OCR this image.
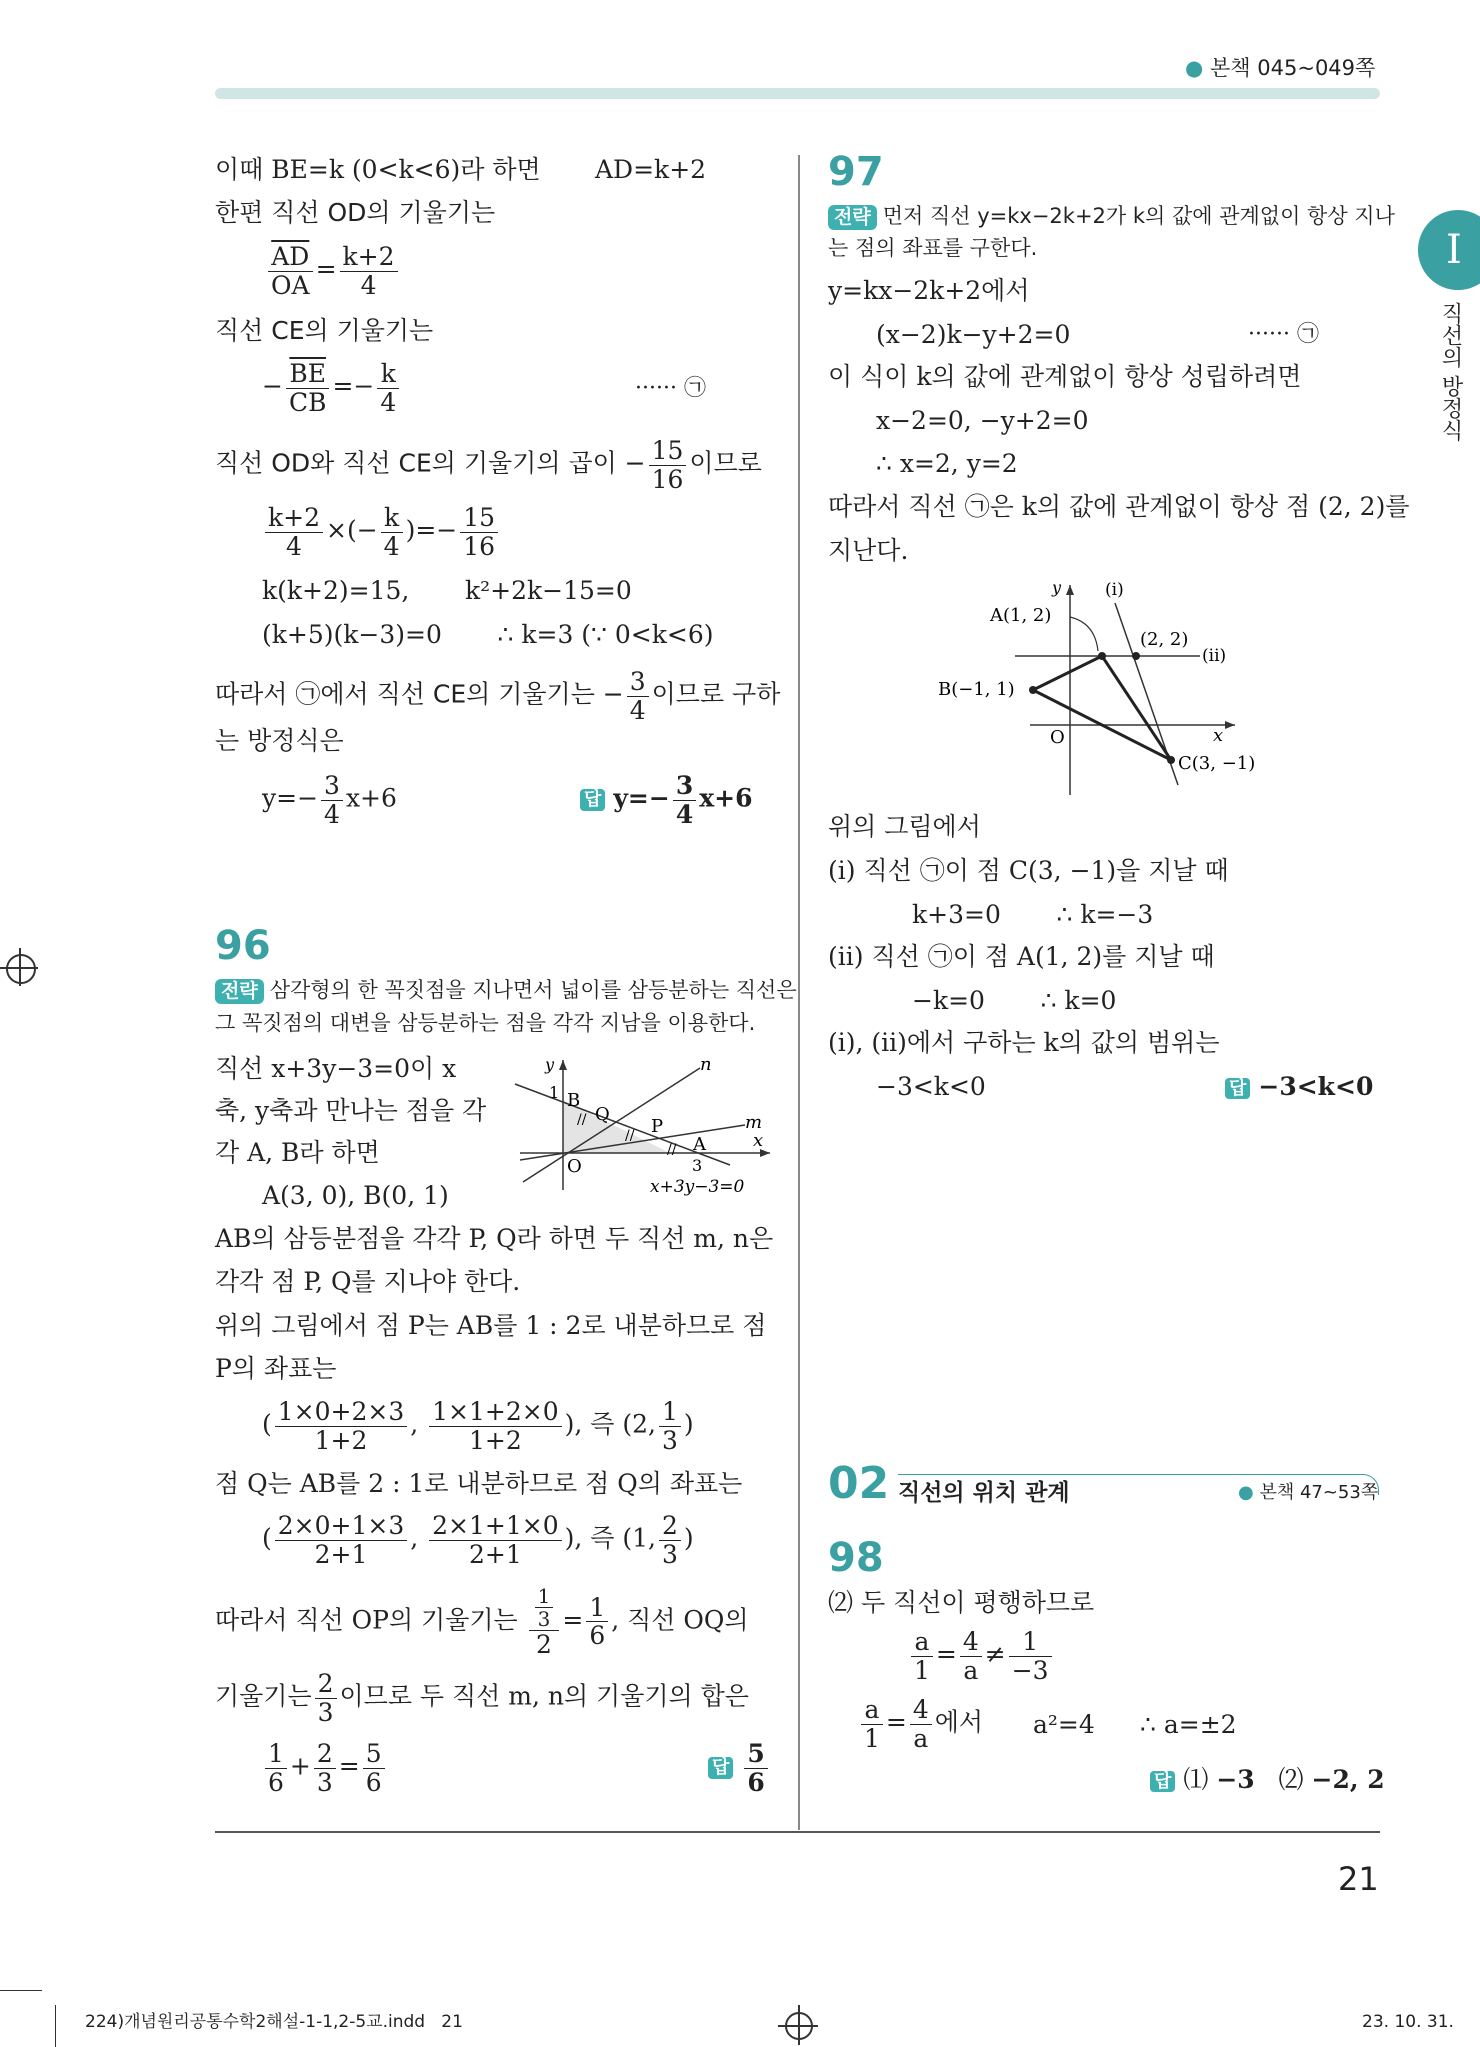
● 본책 045~049쪽
I
직선의 방정식
이때 BE=k (0<k<6)라 하면 AD=k+2
한편 직선 OD의 기울기는
$\frac{\overline{AD}}{OA} = \frac{k+2}{4}$
직선 CE의 기울기는
− $\frac{\overline{BE}}{CB} =- \frac{k}{4}$	······ ㉠
직선 OD와 직선 CE의 기울기의 곱이 − $\frac{15}{16}$ 이므로
$\frac{k+2}{4}$ ×(− $\frac{k}{4}$ )=− $\frac{15}{16}$
k(k+2)=15,       k²+2k−15=0
(k+5)(k−3)=0       ∴ k=3 (∵ 0<k<6)
따라서 ㉠에서 직선 CE의 기울기는 − $\frac{3}{4}$ 이므로 구하
는 방정식은
$y=- \frac{3}{4} x+6$	답 $y=- \frac{3}{4} x+6$
96
전략 삼각형의 한 꼭짓점을 지나면서 넓이를 삼등분하는 직선은
그 꼭짓점의 대변을 삼등분하는 점을 각각 지남을 이용한다.
직선 x+3y−3=0이 x
축, y축과 만나는 점을 각
각 A, B라 하면
A(3, 0), B(0, 1)
y
x
n
m
1 B
Q
P
A
O	3
x+3y−3=0
//
//
//
AB의 삼등분점을 각각 P, Q라 하면 두 직선 m, n은
각각 점 P, Q를 지나야 한다.
위의 그림에서 점 P는 AB를 1 : 2로 내분하므로 점
P의 좌표는
( $\frac{1\times 0+2\times 3}{1+2}$ , $\frac{1\times 1+2\times 0}{1+2}$ ), 즉 (2, $\frac{1}{3}$ )
점 Q는 AB를 2 : 1로 내분하므로 점 Q의 좌표는
( $\frac{2\times 0+1\times 3}{2+1}$ , $\frac{2\times 1+1\times 0}{2+1}$ ), 즉 (1, $\frac{2}{3}$ )
따라서 직선 OP의 기울기는 $\frac{\frac{1}{3}}{2} = \frac{1}{6}$ , 직선 OQ의
기울기는 $\frac{2}{3}$ 이므로 두 직선 m, n의 기울기의 합은
$\frac{1}{6} + \frac{2}{3} = \frac{5}{6}$	답 $\frac{5}{6}$
97
전략 먼저 직선 y=kx−2k+2가 k의 값에 관계없이 항상 지나
는 점의 좌표를 구한다.
y=kx−2k+2에서
(x−2)k−y+2=0	······ ㉠
이 식이 k의 값에 관계없이 항상 성립하려면
x−2=0, −y+2=0
∴ x=2, y=2
따라서 직선 ㉠은 k의 값에 관계없이 항상 점 (2, 2)를
지난다.
y
x
(i)
(ii)
A(1, 2)
(2, 2)
B(−1, 1)
O
C(3, −1)
위의 그림에서
(i) 직선 ㉠이 점 C(3, −1)을 지날 때
k+3=0       ∴ k=−3
(ii) 직선 ㉠이 점 A(1, 2)를 지날 때
−k=0       ∴ k=0
(i), (ii)에서 구하는 k의 값의 범위는
−3<k<0	답 −3<k<0
02 직선의 위치 관계	● 본책 47~53쪽
98
⑵ 두 직선이 평행하므로
$\frac{a}{1} = \frac{4}{a} \ne \frac{1}{-3}$
$\frac{a}{1} = \frac{4}{a}$ 에서 a²=4 ∴ a=±2
답 ⑴ −3 ⑵ −2, 2
21
224)개념원리공통수학2해설-1-1,2-5교.indd   21	23. 10. 31.
